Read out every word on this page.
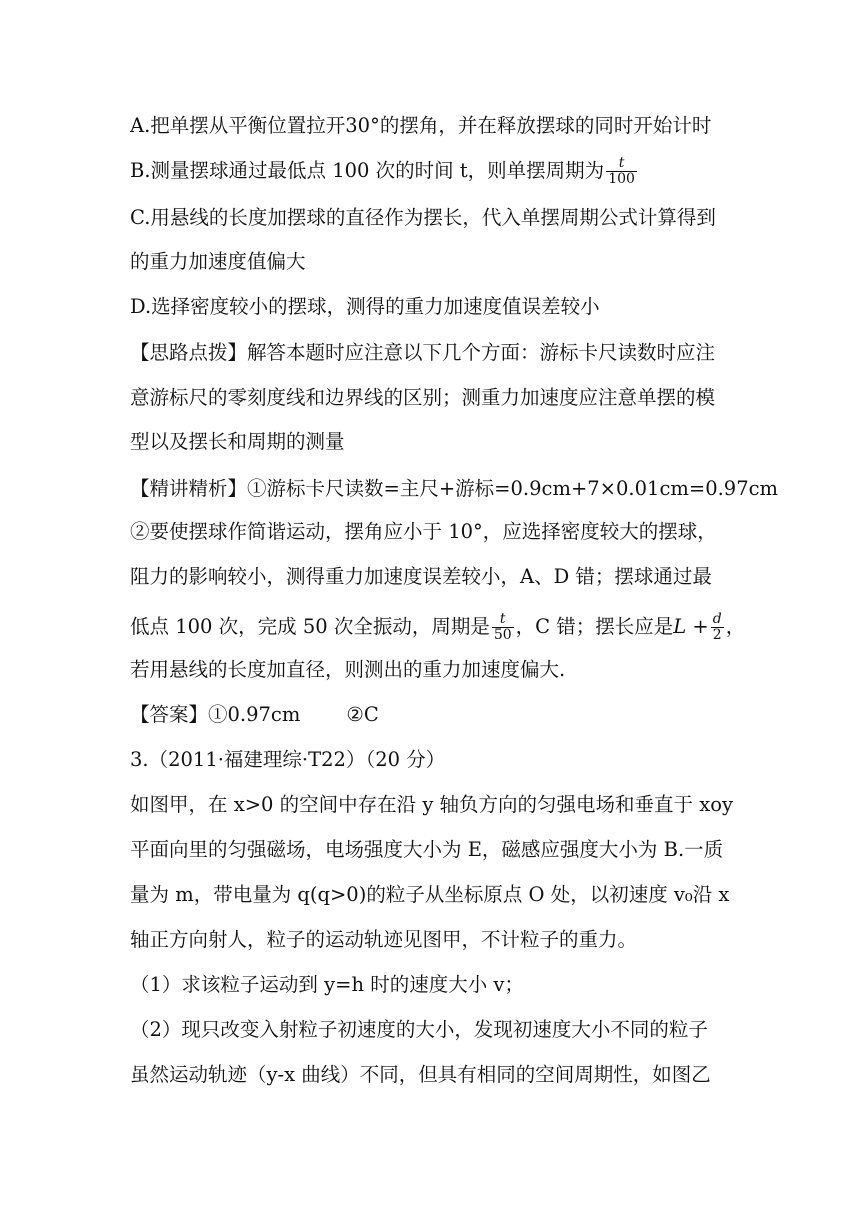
A.把单摆从平衡位置拉开30°的摆角，并在释放摆球的同时开始计时
B.测量摆球通过最低点 100 次的时间 t，则单摆周期为 $\frac{t}{100}$
C.用悬线的长度加摆球的直径作为摆长，代入单摆周期公式计算得到
的重力加速度值偏大
D.选择密度较小的摆球，测得的重力加速度值误差较小
【思路点拨】解答本题时应注意以下几个方面：游标卡尺读数时应注
意游标尺的零刻度线和边界线的区别；测重力加速度应注意单摆的模
型以及摆长和周期的测量
【精讲精析】①游标卡尺读数=主尺+游标=0.9cm+7×0.01cm=0.97cm
②要使摆球作简谐运动，摆角应小于 10°，应选择密度较大的摆球，
阻力的影响较小，测得重力加速度误差较小，A、D 错；摆球通过最
低点 100 次，完成 50 次全振动，周期是 $\frac{t}{50}$ ，C 错；摆长应是$L + \frac{d}{2}$ ，
若用悬线的长度加直径，则测出的重力加速度偏大.
【答案】①0.97cm ②C
3.（2011·福建理综·T22）（20 分）
如图甲，在 x>0 的空间中存在沿 y 轴负方向的匀强电场和垂直于 xoy
平面向里的匀强磁场，电场强度大小为 E，磁感应强度大小为 B.一质
量为 m，带电量为 q(q>0)的粒子从坐标原点 O 处，以初速度 v₀沿 x
轴正方向射人，粒子的运动轨迹见图甲，不计粒子的重力。
（1）求该粒子运动到 y=h 时的速度大小 v；
（2）现只改变入射粒子初速度的大小，发现初速度大小不同的粒子
虽然运动轨迹（y-x 曲线）不同，但具有相同的空间周期性，如图乙
